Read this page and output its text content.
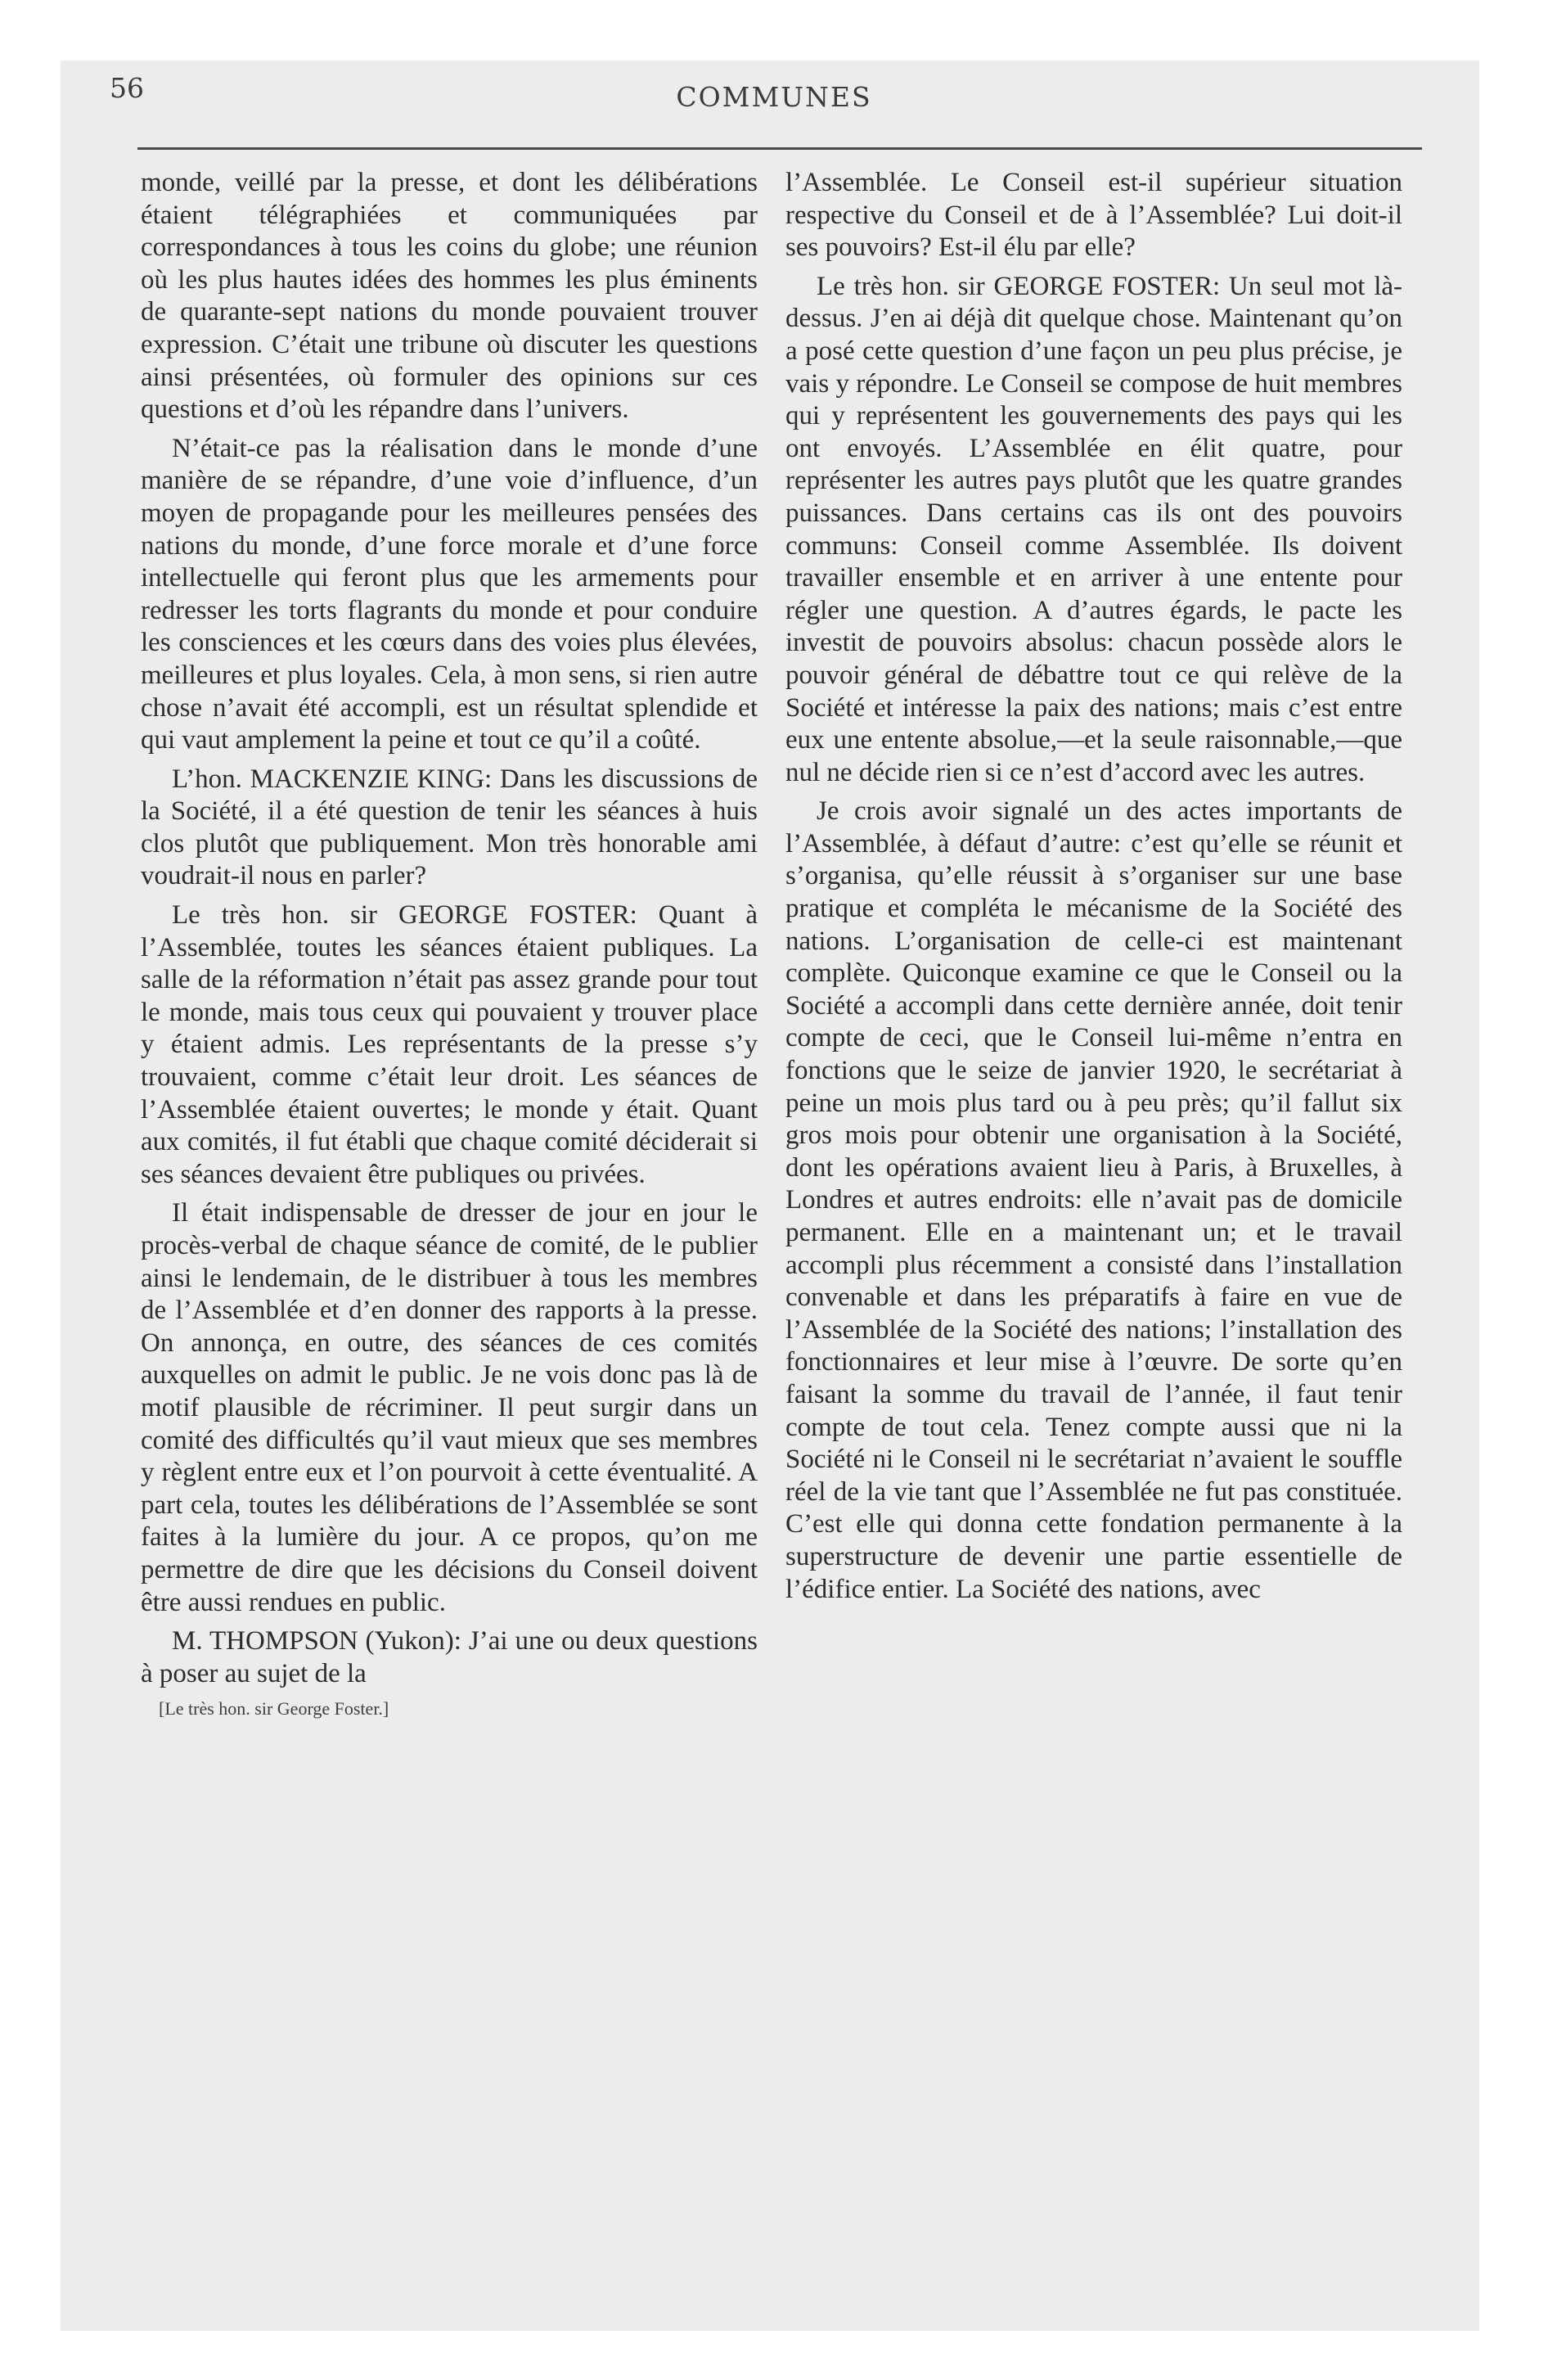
56	COMMUNES

monde, veillé par la presse, et dont les délibérations étaient télégraphiées et communiquées par correspondances à tous les coins du globe; une réunion où les plus hautes idées des hommes les plus éminents de quarante-sept nations du monde pouvaient trouver expression. C’était une tribune où discuter les questions ainsi présentées, où formuler des opinions sur ces questions et d’où les répandre dans l’univers.

N’était-ce pas la réalisation dans le monde d’une manière de se répandre, d’une voie d’influence, d’un moyen de propagande pour les meilleures pensées des nations du monde, d’une force morale et d’une force intellectuelle qui feront plus que les armements pour redresser les torts flagrants du monde et pour conduire les consciences et les cœurs dans des voies plus élevées, meilleures et plus loyales. Cela, à mon sens, si rien autre chose n’avait été accompli, est un résultat splendide et qui vaut amplement la peine et tout ce qu’il a coûté.

L’hon. MACKENZIE KING: Dans les discussions de la Société, il a été question de tenir les séances à huis clos plutôt que publiquement. Mon très honorable ami voudrait-il nous en parler?

Le très hon. sir GEORGE FOSTER: Quant à l’Assemblée, toutes les séances étaient publiques. La salle de la réformation n’était pas assez grande pour tout le monde, mais tous ceux qui pouvaient y trouver place y étaient admis. Les représentants de la presse s’y trouvaient, comme c’était leur droit. Les séances de l’Assemblée étaient ouvertes; le monde y était. Quant aux comités, il fut établi que chaque comité déciderait si ses séances devaient être publiques ou privées.

Il était indispensable de dresser de jour en jour le procès-verbal de chaque séance de comité, de le publier ainsi le lendemain, de le distribuer à tous les membres de l’Assemblée et d’en donner des rapports à la presse. On annonça, en outre, des séances de ces comités auxquelles on admit le public. Je ne vois donc pas là de motif plausible de récriminer. Il peut surgir dans un comité des difficultés qu’il vaut mieux que ses membres y règlent entre eux et l’on pourvoit à cette éventualité. A part cela, toutes les délibérations de l’Assemblée se sont faites à la lumière du jour. A ce propos, qu’on me permettre de dire que les décisions du Conseil doivent être aussi rendues en public.

M. THOMPSON (Yukon): J’ai une ou deux questions à poser au sujet de la

[Le très hon. sir George Foster.]

l’Assemblée. Le Conseil est-il supérieur situation respective du Conseil et de à l’Assemblée? Lui doit-il ses pouvoirs? Est-il élu par elle?

Le très hon. sir GEORGE FOSTER: Un seul mot là-dessus. J’en ai déjà dit quelque chose. Maintenant qu’on a posé cette question d’une façon un peu plus précise, je vais y répondre. Le Conseil se compose de huit membres qui y représentent les gouvernements des pays qui les ont envoyés. L’Assemblée en élit quatre, pour représenter les autres pays plutôt que les quatre grandes puissances. Dans certains cas ils ont des pouvoirs communs: Conseil comme Assemblée. Ils doivent travailler ensemble et en arriver à une entente pour régler une question. A d’autres égards, le pacte les investit de pouvoirs absolus: chacun possède alors le pouvoir général de débattre tout ce qui relève de la Société et intéresse la paix des nations; mais c’est entre eux une entente absolue,—et la seule raisonnable,—que nul ne décide rien si ce n’est d’accord avec les autres.

Je crois avoir signalé un des actes importants de l’Assemblée, à défaut d’autre: c’est qu’elle se réunit et s’organisa, qu’elle réussit à s’organiser sur une base pratique et compléta le mécanisme de la Société des nations. L’organisation de celle-ci est maintenant complète. Quiconque examine ce que le Conseil ou la Société a accompli dans cette dernière année, doit tenir compte de ceci, que le Conseil lui-même n’entra en fonctions que le seize de janvier 1920, le secrétariat à peine un mois plus tard ou à peu près; qu’il fallut six gros mois pour obtenir une organisation à la Société, dont les opérations avaient lieu à Paris, à Bruxelles, à Londres et autres endroits: elle n’avait pas de domicile permanent. Elle en a maintenant un; et le travail accompli plus récemment a consisté dans l’installation convenable et dans les préparatifs à faire en vue de l’Assemblée de la Société des nations; l’installation des fonctionnaires et leur mise à l’œuvre. De sorte qu’en faisant la somme du travail de l’année, il faut tenir compte de tout cela. Tenez compte aussi que ni la Société ni le Conseil ni le secrétariat n’avaient le souffle réel de la vie tant que l’Assemblée ne fut pas constituée. C’est elle qui donna cette fondation permanente à la superstructure de devenir une partie essentielle de l’édifice entier. La Société des nations, avec
